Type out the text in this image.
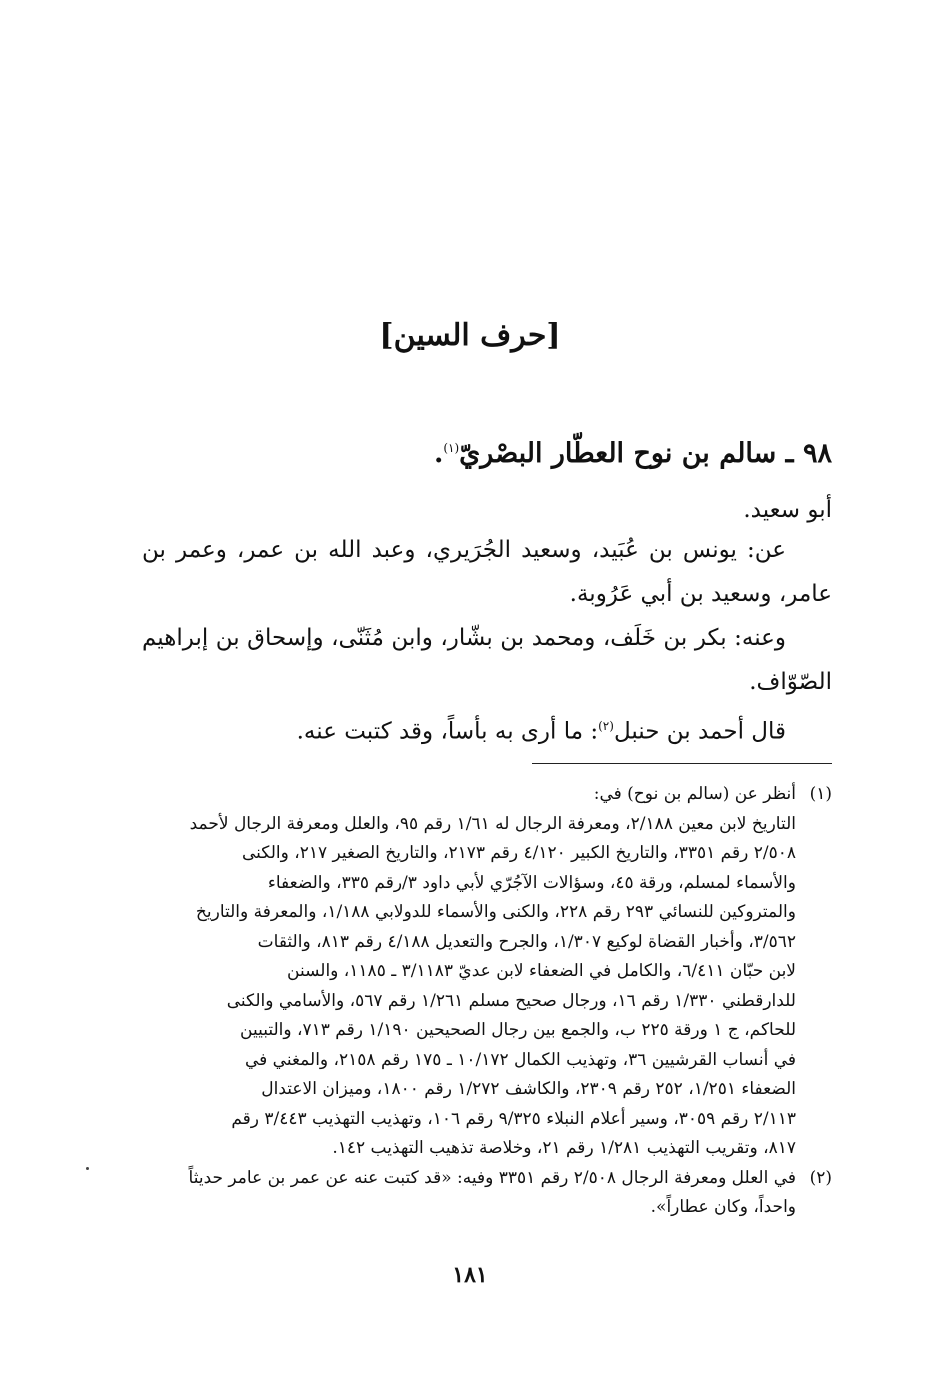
[حرف السين]
٩٨ ـ سالم بن نوح العطّار البصْريّ$^{(١)}$.

أبو سعيد.

عن: يونس بن عُبَيد، وسعيد الجُرَيري، وعبد الله بن عمر، وعمر بن عامر، وسعيد بن أبي عَرُوبة.

وعنه: بكر بن خَلَف، ومحمد بن بشّار، وابن مُثَنّى، وإسحاق بن إبراهيم الصّوّاف.

قال أحمد بن حنبل$^{(٢)}$: ما أرى به بأساً، وقد كتبت عنه.

(١)
أنظر عن (سالم بن نوح) في:
التاريخ لابن معين ٢/١٨٨، ومعرفة الرجال له ١/٦١ رقم ٩٥، والعلل ومعرفة الرجال لأحمد
٢/٥٠٨ رقم ٣٣٥١، والتاريخ الكبير ٤/١٢٠ رقم ٢١٧٣، والتاريخ الصغير ٢١٧، والكنى
والأسماء لمسلم، ورقة ٤٥، وسؤالات الآجُرّي لأبي داود ٣/رقم ٣٣٥، والضعفاء
والمتروكين للنسائي ٢٩٣ رقم ٢٢٨، والكنى والأسماء للدولابي ١/١٨٨، والمعرفة والتاريخ
٣/٥٦٢، وأخبار القضاة لوكيع ١/٣٠٧، والجرح والتعديل ٤/١٨٨ رقم ٨١٣، والثقات
لابن حبّان ٦/٤١١، والكامل في الضعفاء لابن عديّ ٣/١١٨٣ ـ ١١٨٥، والسنن
للدارقطني ١/٣٣٠ رقم ١٦، ورجال صحيح مسلم ١/٢٦١ رقم ٥٦٧، والأسامي والكنى
للحاكم، ج ١ ورقة ٢٢٥ ب، والجمع بين رجال الصحيحين ١/١٩٠ رقم ٧١٣، والتبيين
في أنساب القرشيين ٣٦، وتهذيب الكمال ١٠/١٧٢ ـ ١٧٥ رقم ٢١٥٨، والمغني في
الضعفاء ١/٢٥١، ٢٥٢ رقم ٢٣٠٩، والكاشف ١/٢٧٢ رقم ١٨٠٠، وميزان الاعتدال
٢/١١٣ رقم ٣٠٥٩، وسير أعلام النبلاء ٩/٣٢٥ رقم ١٠٦، وتهذيب التهذيب ٣/٤٤٣ رقم
٨١٧، وتقريب التهذيب ١/٢٨١ رقم ٢١، وخلاصة تذهيب التهذيب ١٤٢.
(٢)
في العلل ومعرفة الرجال ٢/٥٠٨ رقم ٣٣٥١ وفيه: «قد كتبت عنه عن عمر بن عامر حديثاً
واحداً، وكان عطاراً».

١٨١
